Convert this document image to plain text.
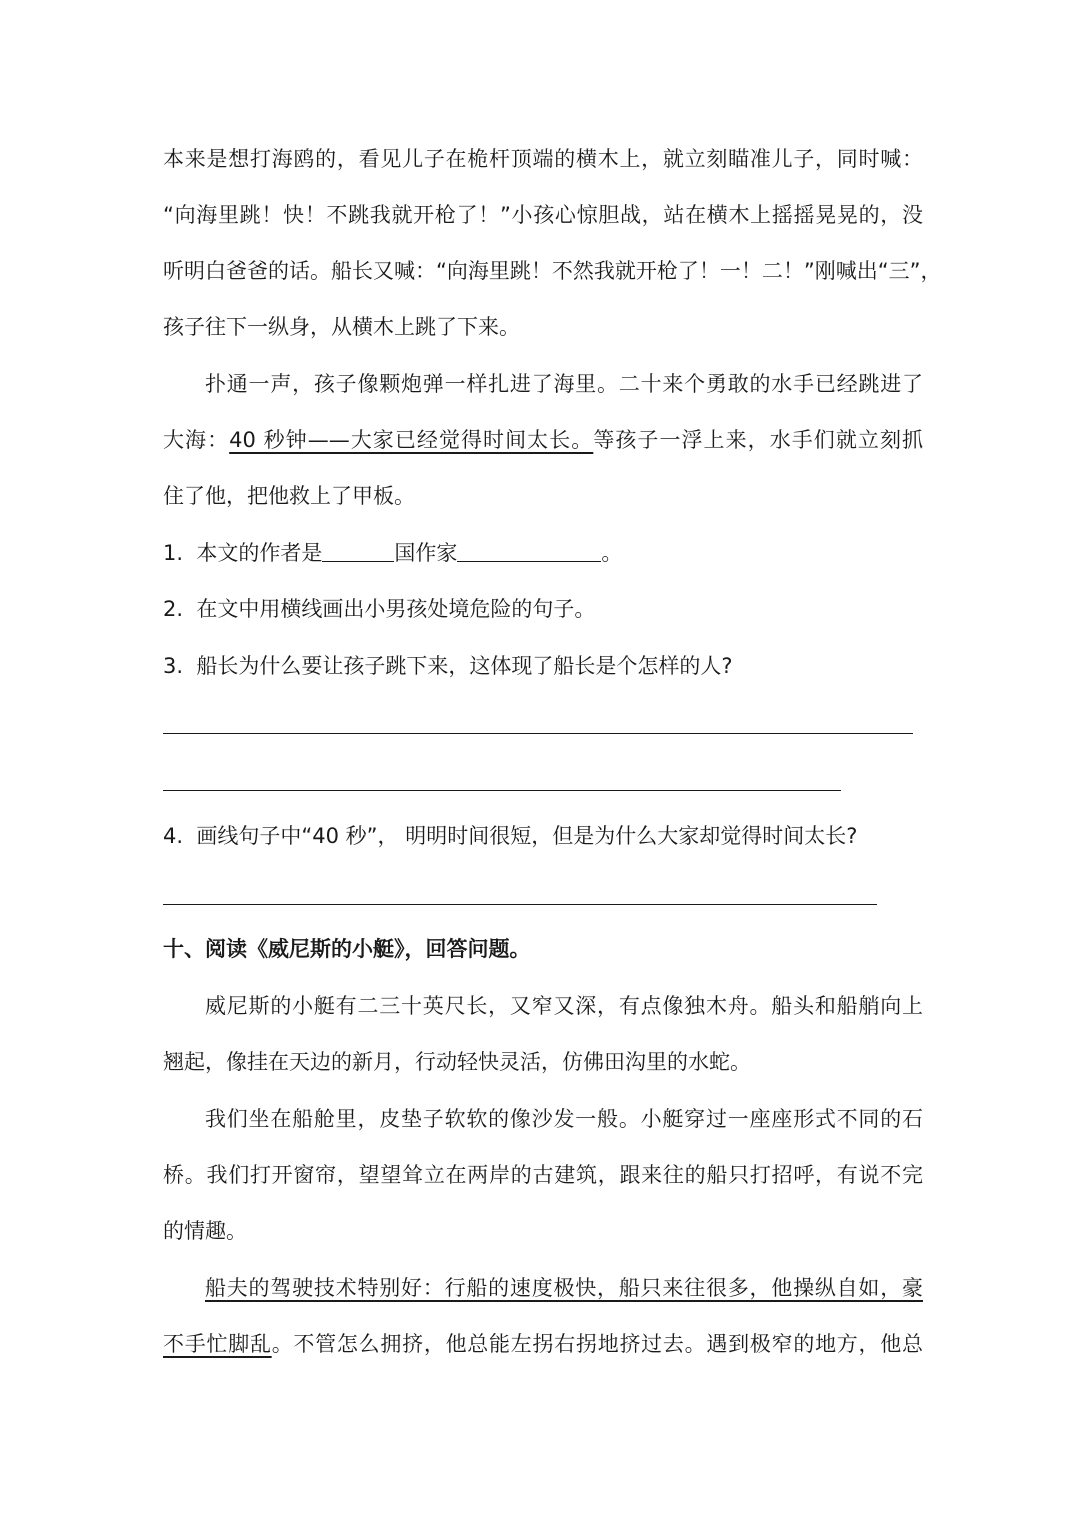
本来是想打海鸥的，看见儿子在桅杆顶端的横木上，就立刻瞄准儿子，同时喊：
“向海里跳！快！不跳我就开枪了！”小孩心惊胆战，站在横木上摇摇晃晃的，没
听明白爸爸的话。船长又喊：“向海里跳！不然我就开枪了！一！二！”刚喊出“三”，
孩子往下一纵身，从横木上跳了下来。
扑通一声，孩子像颗炮弹一样扎进了海里。二十来个勇敢的水手已经跳进了
大海：40 秒钟——大家已经觉得时间太长。等孩子一浮上来，水手们就立刻抓
住了他，把他救上了甲板。
1. 本文的作者是	国作家	。
2. 在文中用横线画出小男孩处境危险的句子。
3. 船长为什么要让孩子跳下来，这体现了船长是个怎样的人?
4. 画线句子中“40 秒”， 明明时间很短，但是为什么大家却觉得时间太长?
十、阅读《威尼斯的小艇》，回答问题。
威尼斯的小艇有二三十英尺长，又窄又深，有点像独木舟。船头和船艄向上
翘起，像挂在天边的新月，行动轻快灵活，仿佛田沟里的水蛇。
我们坐在船舱里，皮垫子软软的像沙发一般。小艇穿过一座座形式不同的石
桥。我们打开窗帘，望望耸立在两岸的古建筑，跟来往的船只打招呼，有说不完
的情趣。
船夫的驾驶技术特别好：行船的速度极快，船只来往很多，他操纵自如，豪
不手忙脚乱。不管怎么拥挤，他总能左拐右拐地挤过去。遇到极窄的地方，他总
